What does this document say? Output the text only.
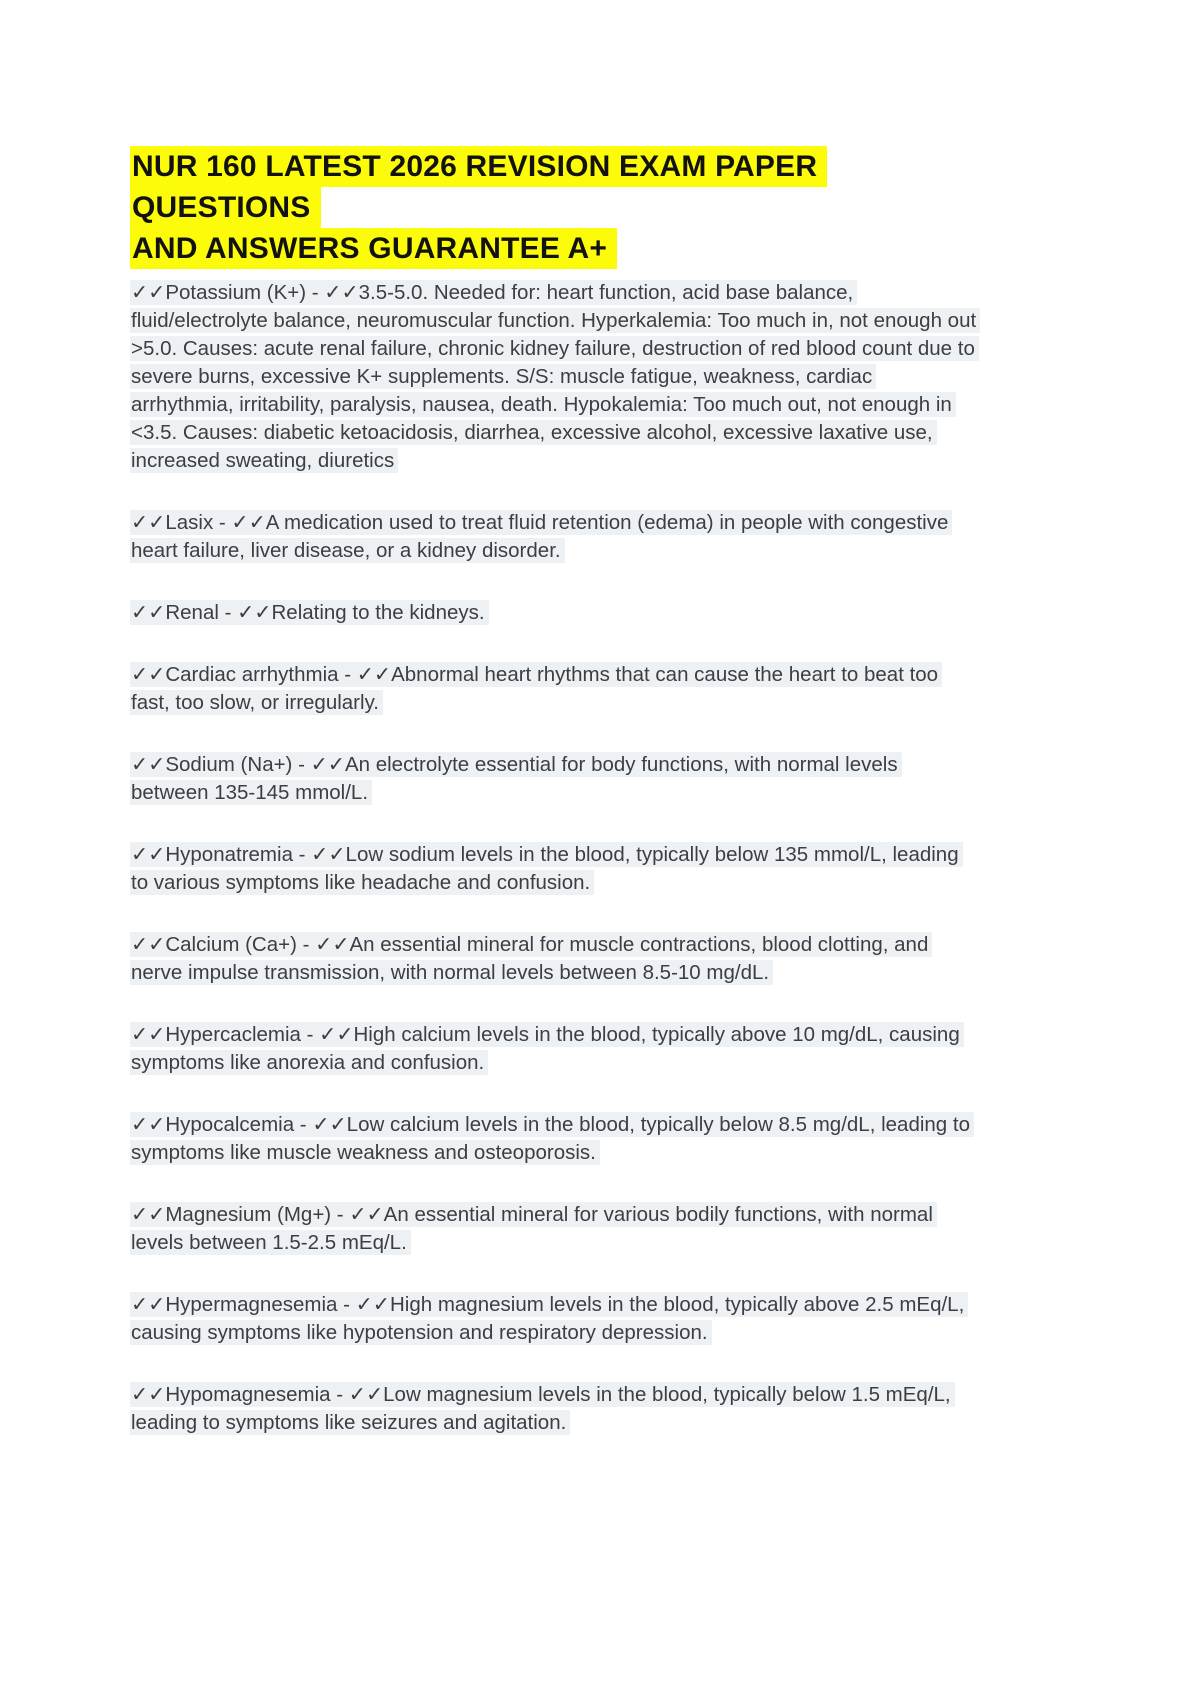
NUR 160 LATEST 2026 REVISION EXAM PAPER QUESTIONS
AND ANSWERS GUARANTEE A+

✓✓Potassium (K+) - ✓✓3.5-5.0. Needed for: heart function, acid base balance, fluid/electrolyte balance, neuromuscular function. Hyperkalemia: Too much in, not enough out >5.0. Causes: acute renal failure, chronic kidney failure, destruction of red blood count due to severe burns, excessive K+ supplements. S/S: muscle fatigue, weakness, cardiac arrhythmia, irritability, paralysis, nausea, death. Hypokalemia: Too much out, not enough in <3.5. Causes: diabetic ketoacidosis, diarrhea, excessive alcohol, excessive laxative use, increased sweating, diuretics

✓✓Lasix - ✓✓A medication used to treat fluid retention (edema) in people with congestive heart failure, liver disease, or a kidney disorder.

✓✓Renal - ✓✓Relating to the kidneys.

✓✓Cardiac arrhythmia - ✓✓Abnormal heart rhythms that can cause the heart to beat too fast, too slow, or irregularly.

✓✓Sodium (Na+) - ✓✓An electrolyte essential for body functions, with normal levels between 135-145 mmol/L.

✓✓Hyponatremia - ✓✓Low sodium levels in the blood, typically below 135 mmol/L, leading to various symptoms like headache and confusion.

✓✓Calcium (Ca+) - ✓✓An essential mineral for muscle contractions, blood clotting, and nerve impulse transmission, with normal levels between 8.5-10 mg/dL.

✓✓Hypercaclemia - ✓✓High calcium levels in the blood, typically above 10 mg/dL, causing symptoms like anorexia and confusion.

✓✓Hypocalcemia - ✓✓Low calcium levels in the blood, typically below 8.5 mg/dL, leading to symptoms like muscle weakness and osteoporosis.

✓✓Magnesium (Mg+) - ✓✓An essential mineral for various bodily functions, with normal levels between 1.5-2.5 mEq/L.

✓✓Hypermagnesemia - ✓✓High magnesium levels in the blood, typically above 2.5 mEq/L, causing symptoms like hypotension and respiratory depression.

✓✓Hypomagnesemia - ✓✓Low magnesium levels in the blood, typically below 1.5 mEq/L, leading to symptoms like seizures and agitation.
